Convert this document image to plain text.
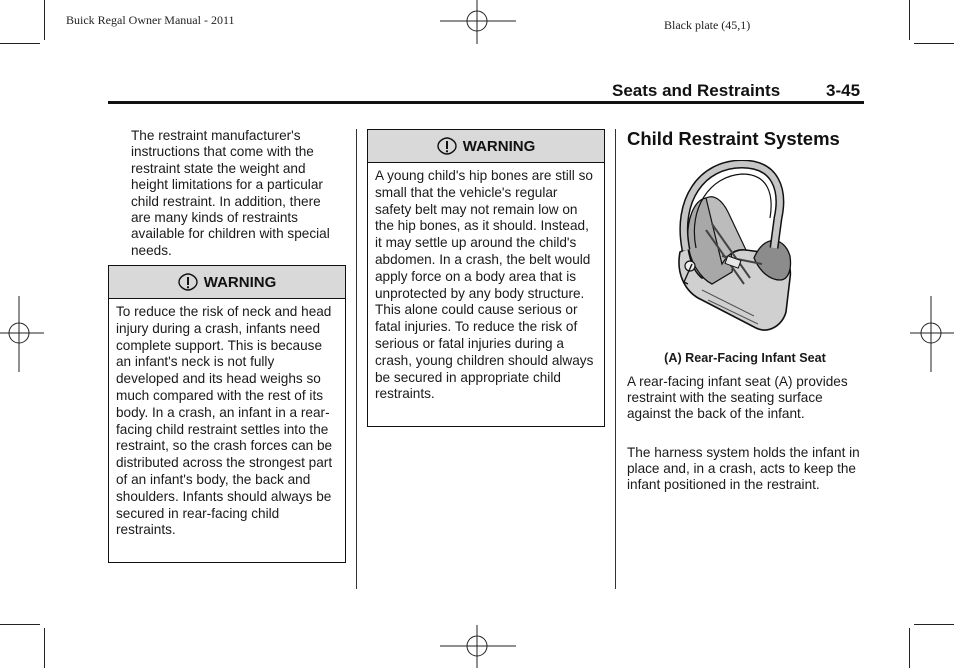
Buick Regal Owner Manual - 2011	Black plate (45,1)
Seats and Restraints	3-45
The restraint manufacturer's instructions that come with the restraint state the weight and height limitations for a particular child restraint. In addition, there are many kinds of restraints available for children with special needs.
WARNING
To reduce the risk of neck and head injury during a crash, infants need complete support. This is because an infant's neck is not fully developed and its head weighs so much compared with the rest of its body. In a crash, an infant in a rear-facing child restraint settles into the restraint, so the crash forces can be distributed across the strongest part of an infant's body, the back and shoulders. Infants should always be secured in rear-facing child restraints.
WARNING
A young child's hip bones are still so small that the vehicle's regular safety belt may not remain low on the hip bones, as it should. Instead, it may settle up around the child's abdomen. In a crash, the belt would apply force on a body area that is unprotected by any body structure. This alone could cause serious or fatal injuries. To reduce the risk of serious or fatal injuries during a crash, young children should always be secured in appropriate child restraints.
Child Restraint Systems
(A) Rear-Facing Infant Seat
A rear-facing infant seat (A) provides restraint with the seating surface against the back of the infant.
The harness system holds the infant in place and, in a crash, acts to keep the infant positioned in the restraint.
